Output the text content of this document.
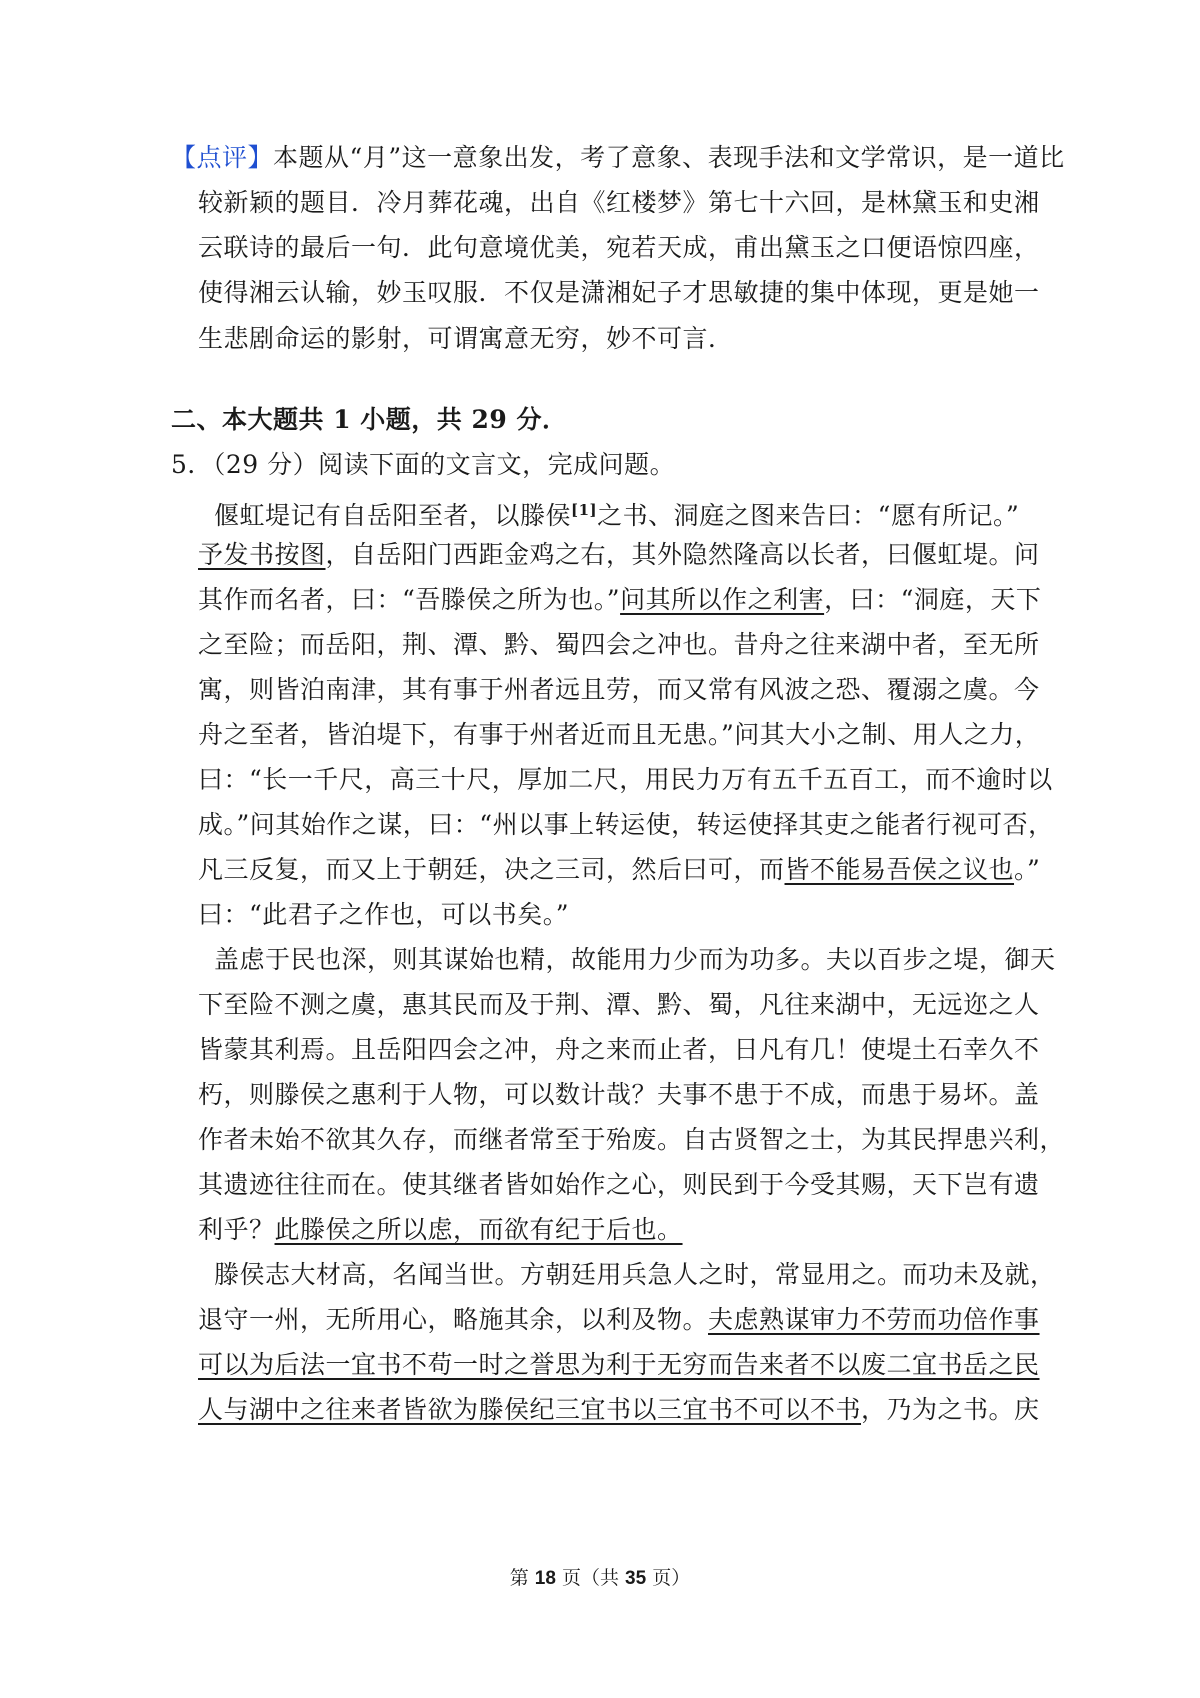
【点评】本题从“月”这一意象出发，考了意象、表现手法和文学常识，是一道比
较新颖的题目．冷月葬花魂，出自《红楼梦》第七十六回，是林黛玉和史湘
云联诗的最后一句．此句意境优美，宛若天成，甫出黛玉之口便语惊四座，
使得湘云认输，妙玉叹服．不仅是潇湘妃子才思敏捷的集中体现，更是她一
生悲剧命运的影射，可谓寓意无穷，妙不可言．
二、本大题共 1 小题，共 29 分．
5．（29 分）阅读下面的文言文，完成问题。
偃虹堤记有自岳阳至者，以滕侯[1]之书、洞庭之图来告曰：“愿有所记。”
予发书按图，自岳阳门西距金鸡之右，其外隐然隆高以长者，曰偃虹堤。问
其作而名者，曰：“吾滕侯之所为也。”问其所以作之利害，曰：“洞庭，天下
之至险；而岳阳，荆、潭、黔、蜀四会之冲也。昔舟之往来湖中者，至无所
寓，则皆泊南津，其有事于州者远且劳，而又常有风波之恐、覆溺之虞。今
舟之至者，皆泊堤下，有事于州者近而且无患。”问其大小之制、用人之力，
曰：“长一千尺，高三十尺，厚加二尺，用民力万有五千五百工，而不逾时以
成。”问其始作之谋，曰：“州以事上转运使，转运使择其吏之能者行视可否，
凡三反复，而又上于朝廷，决之三司，然后曰可，而皆不能易吾侯之议也。”
曰：“此君子之作也，可以书矣。”
盖虑于民也深，则其谋始也精，故能用力少而为功多。夫以百步之堤，御天
下至险不测之虞，惠其民而及于荆、潭、黔、蜀，凡往来湖中，无远迩之人
皆蒙其利焉。且岳阳四会之冲，舟之来而止者，日凡有几！使堤土石幸久不
朽，则滕侯之惠利于人物，可以数计哉？夫事不患于不成，而患于易坏。盖
作者未始不欲其久存，而继者常至于殆废。自古贤智之士，为其民捍患兴利，
其遗迹往往而在。使其继者皆如始作之心，则民到于今受其赐，天下岂有遗
利乎？此滕侯之所以虑，而欲有纪于后也。
滕侯志大材高，名闻当世。方朝廷用兵急人之时，常显用之。而功未及就，
退守一州，无所用心，略施其余，以利及物。夫虑熟谋审力不劳而功倍作事
可以为后法一宜书不苟一时之誉思为利于无穷而告来者不以废二宜书岳之民
人与湖中之往来者皆欲为滕侯纪三宜书以三宜书不可以不书，乃为之书。庆
第 18 页（共 35 页）
